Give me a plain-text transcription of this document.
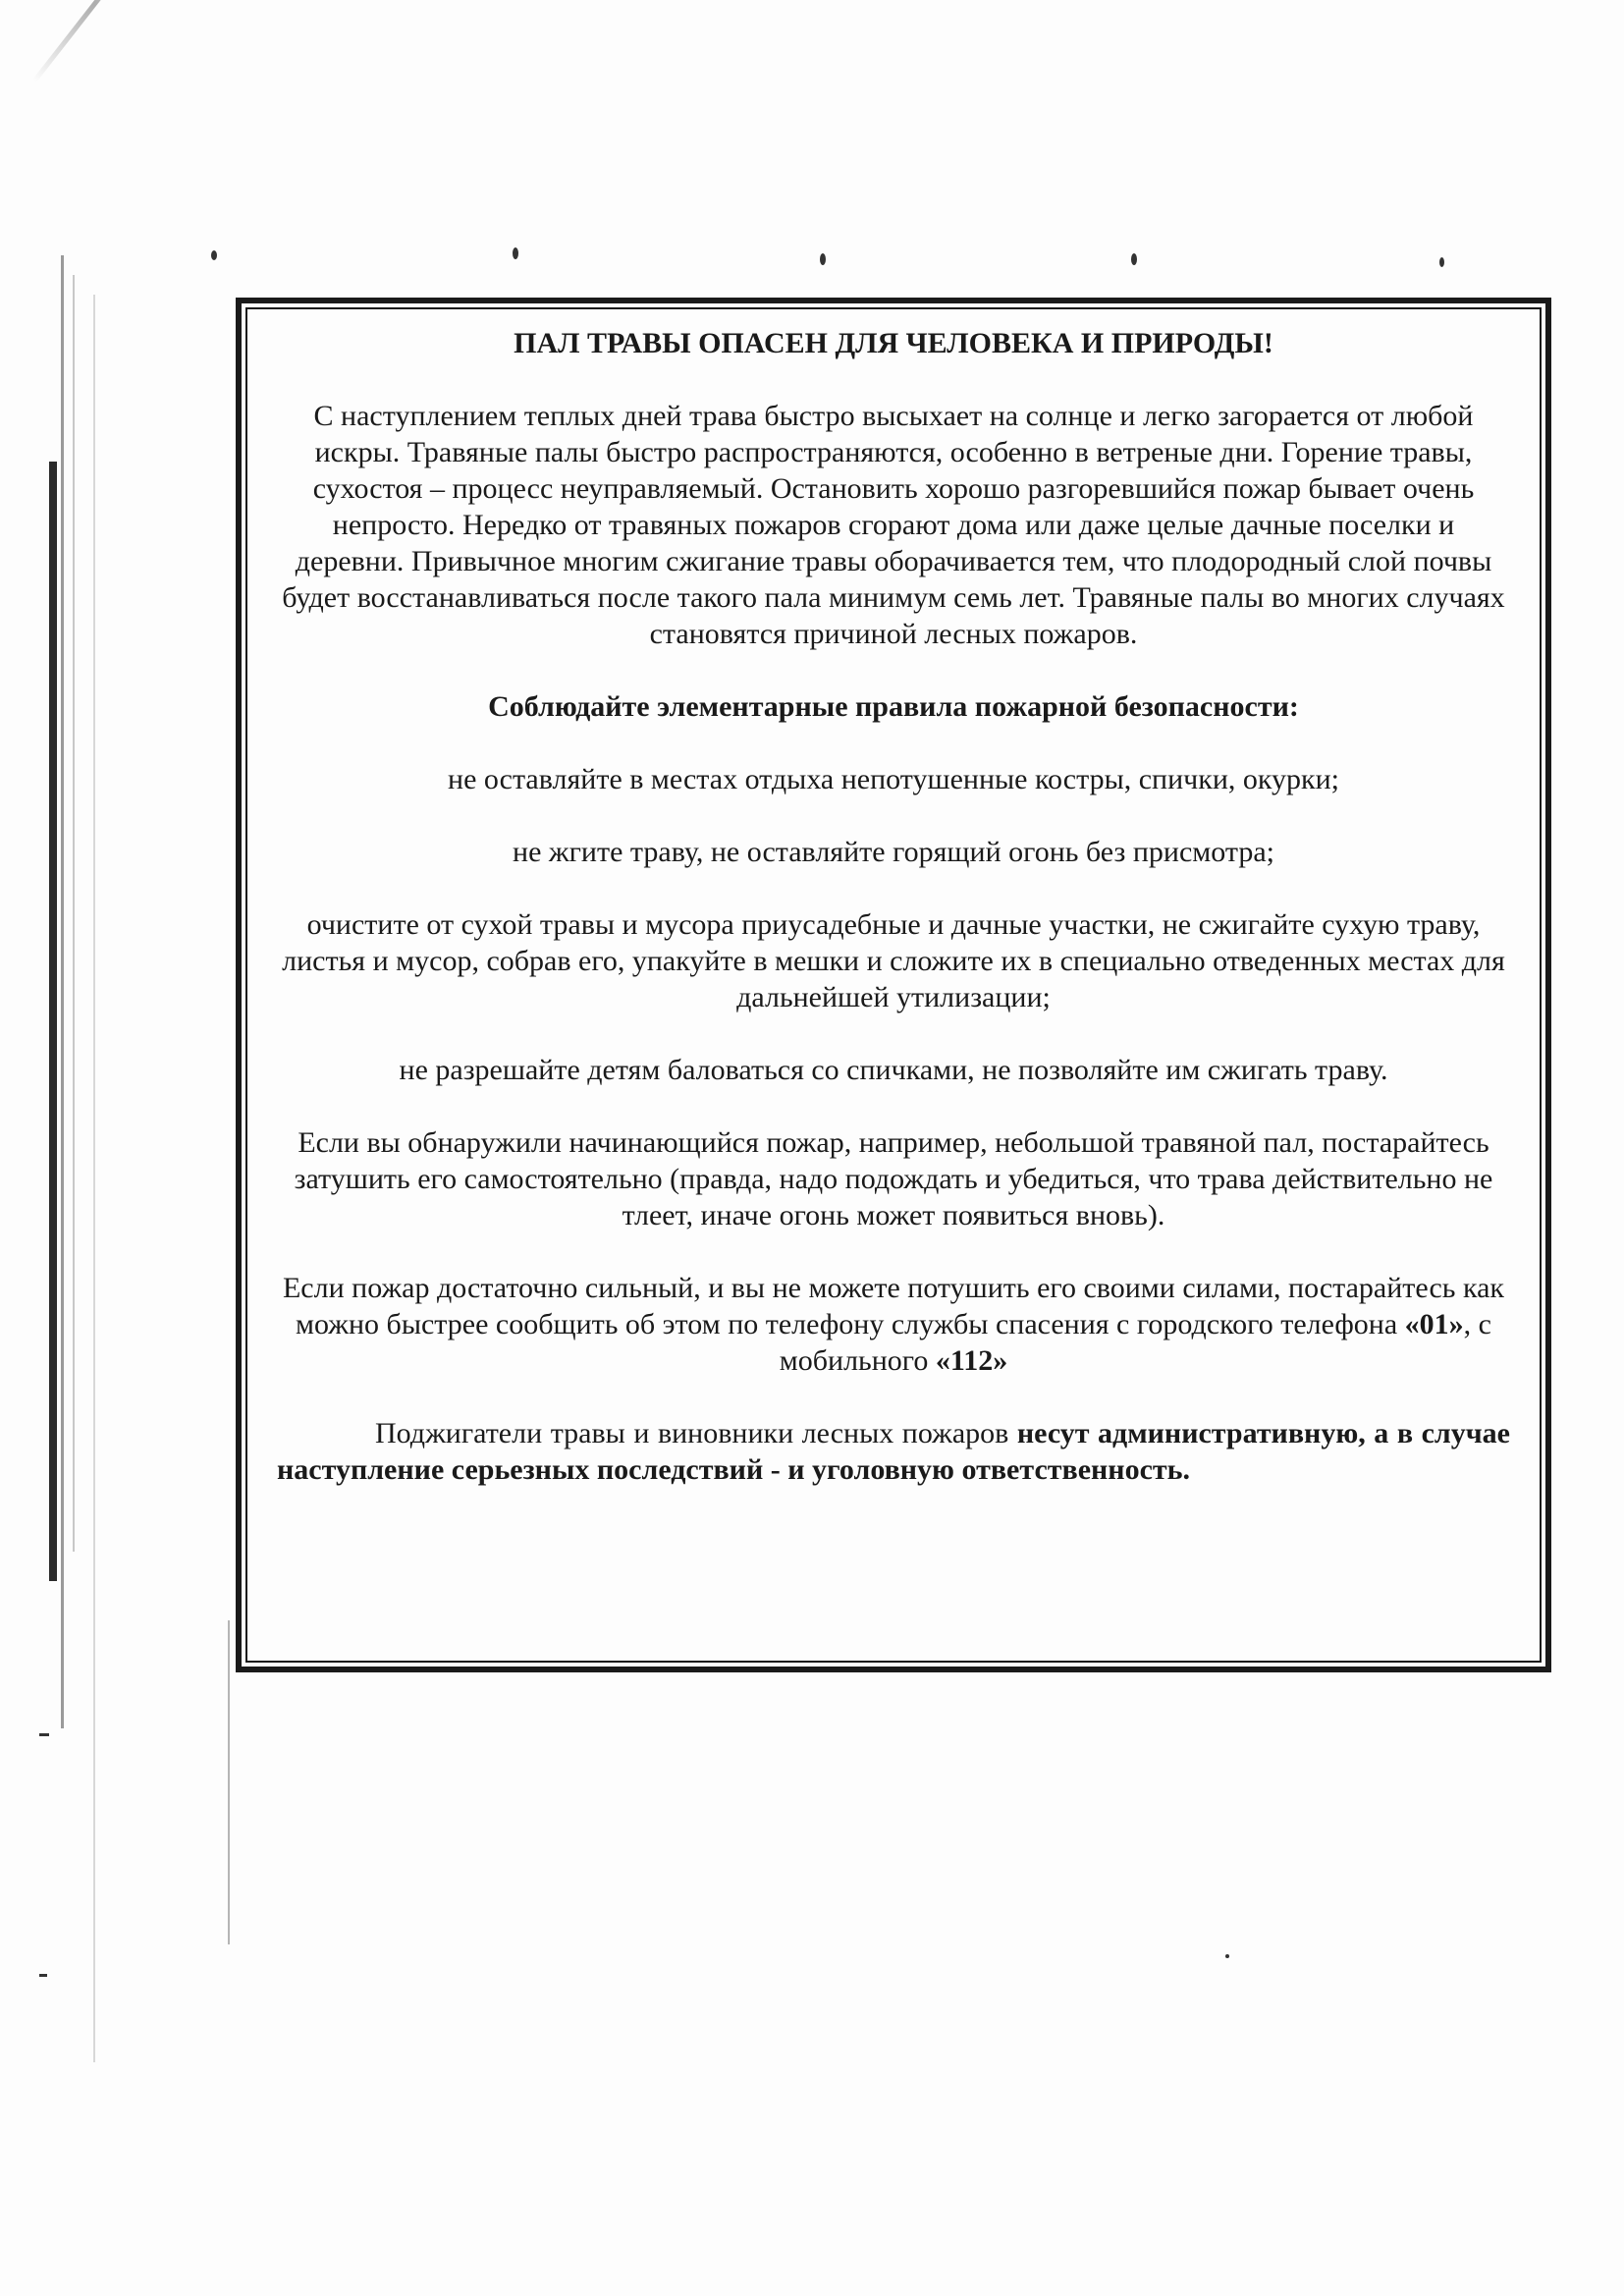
ПАЛ ТРАВЫ ОПАСЕН ДЛЯ ЧЕЛОВЕКА И ПРИРОДЫ!

С наступлением теплых дней трава быстро высыхает на солнце и легко загорается от любой искры. Травяные палы быстро распространяются, особенно в ветреные дни. Горение травы, сухостоя – процесс неуправляемый. Остановить хорошо разгоревшийся пожар бывает очень непросто. Нередко от травяных пожаров сгорают дома или даже целые дачные поселки и деревни. Привычное многим сжигание травы оборачивается тем, что плодородный слой почвы будет восстанавливаться после такого пала минимум семь лет. Травяные палы во многих случаях становятся причиной лесных пожаров.

Соблюдайте элементарные правила пожарной безопасности:

не оставляйте в местах отдыха непотушенные костры, спички, окурки;

не жгите траву, не оставляйте горящий огонь без присмотра;

очистите от сухой травы и мусора приусадебные и дачные участки, не сжигайте сухую траву, листья и мусор, собрав его, упакуйте в мешки и сложите их в специально отведенных местах для дальнейшей утилизации;

не разрешайте детям баловаться со спичками, не позволяйте им сжигать траву.

Если вы обнаружили начинающийся пожар, например, небольшой травяной пал, постарайтесь затушить его самостоятельно (правда, надо подождать и убедиться, что трава действительно не тлеет, иначе огонь может появиться вновь).

Если пожар достаточно сильный, и вы не можете потушить его своими силами, постарайтесь как можно быстрее сообщить об этом по телефону службы спасения с городского телефона «01», с мобильного «112»

Поджигатели травы и виновники лесных пожаров несут административную, а в случае наступление серьезных последствий - и уголовную ответственность.
